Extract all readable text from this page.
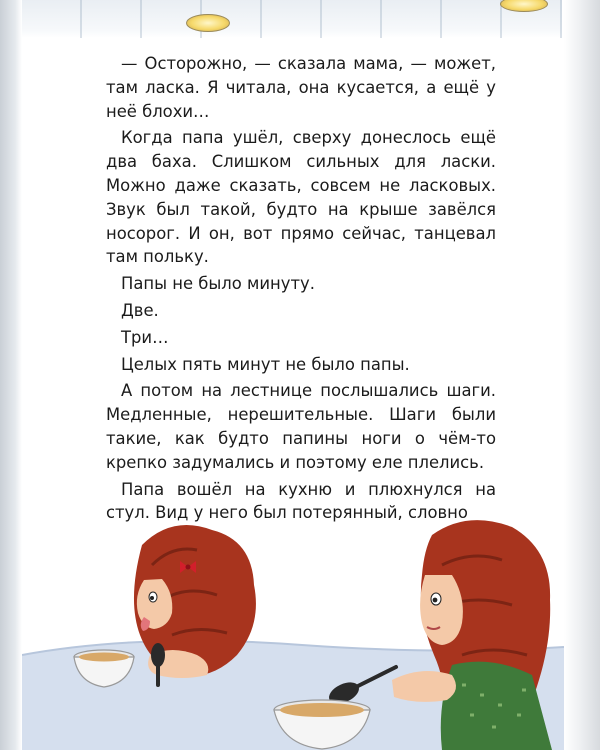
— Осторожно, — сказала мама, — может, там ласка. Я читала, она кусается, а ещё у неё блохи…

Когда папа ушёл, сверху донеслось ещё два баха. Слишком сильных для ласки. Можно даже сказать, совсем не ласковых. Звук был такой, будто на крыше завёлся носорог. И он, вот прямо сейчас, танцевал там польку.

Папы не было минуту.

Две.

Три…

Целых пять минут не было папы.

А потом на лестнице послышались шаги. Медленные, нерешительные. Шаги были такие, как будто папины ноги о чём-то крепко задумались и поэтому еле плелись.

Папа вошёл на кухню и плюхнулся на стул. Вид у него был потерянный, словно
